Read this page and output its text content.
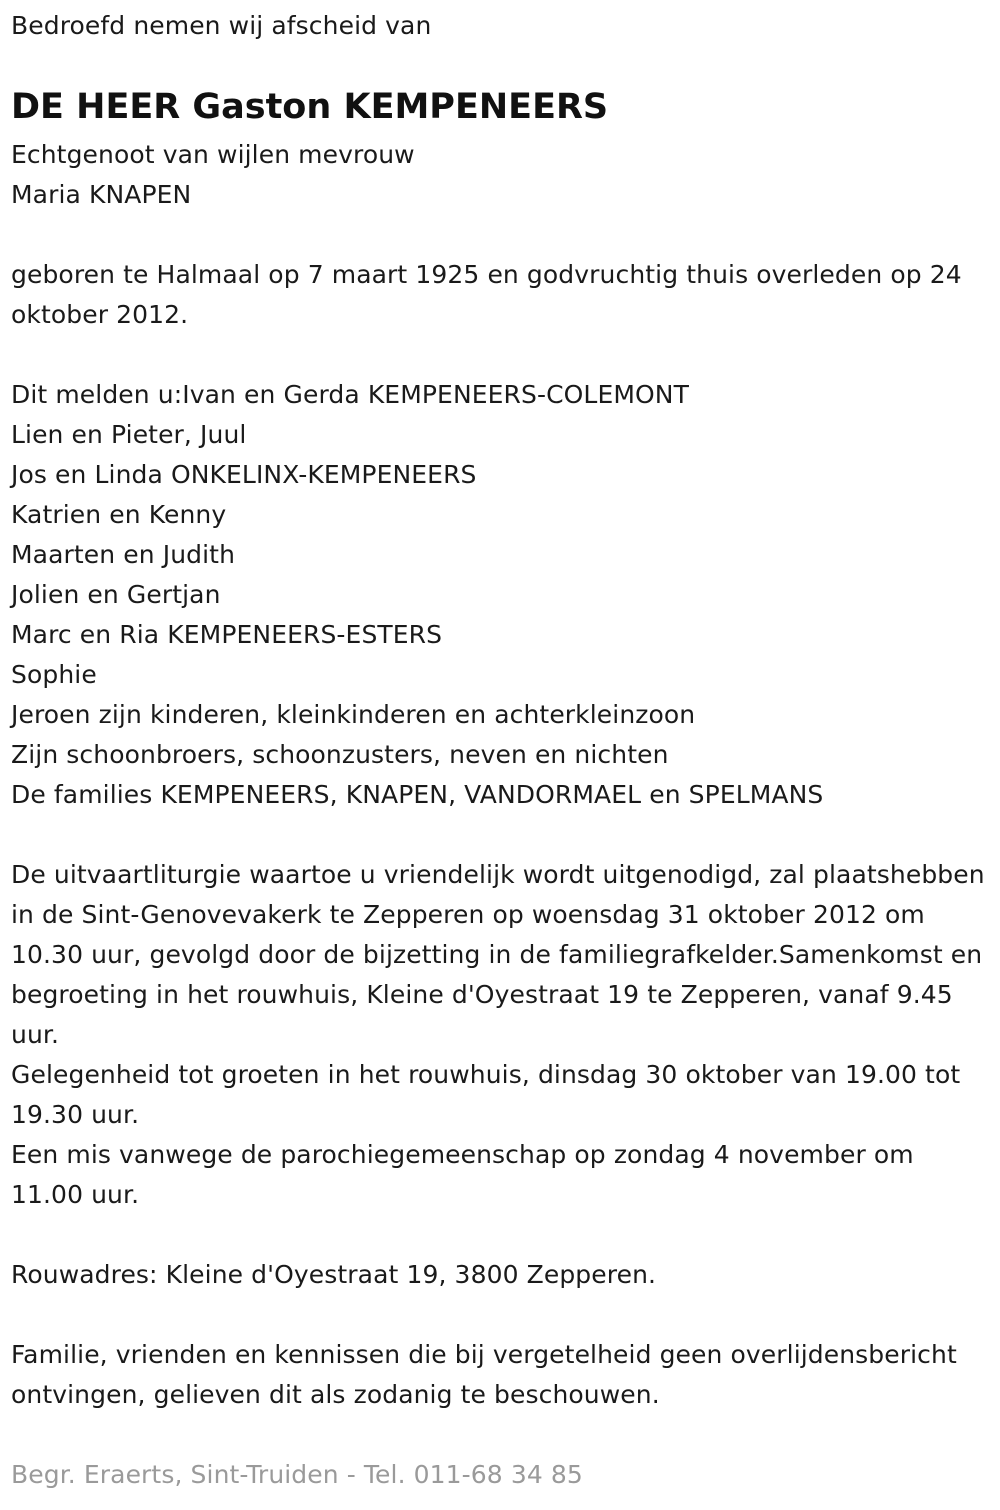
Bedroefd nemen wij afscheid van
DE HEER Gaston KEMPENEERS
Echtgenoot van wijlen mevrouw
Maria KNAPEN
geboren te Halmaal op 7 maart 1925 en godvruchtig thuis overleden op 24 oktober 2012.
Dit melden u:Ivan en Gerda KEMPENEERS-COLEMONT
Lien en Pieter, Juul
Jos en Linda ONKELINX-KEMPENEERS
Katrien en Kenny
Maarten en Judith
Jolien en Gertjan
Marc en Ria KEMPENEERS-ESTERS
Sophie
Jeroen zijn kinderen, kleinkinderen en achterkleinzoon
Zijn schoonbroers, schoonzusters, neven en nichten
De families KEMPENEERS, KNAPEN, VANDORMAEL en SPELMANS
De uitvaartliturgie waartoe u vriendelijk wordt uitgenodigd, zal plaatshebben in de Sint-Genovevakerk te Zepperen op woensdag 31 oktober 2012 om 10.30 uur, gevolgd door de bijzetting in de familiegrafkelder.Samenkomst en begroeting in het rouwhuis, Kleine d'Oyestraat 19 te Zepperen, vanaf 9.45 uur.
Gelegenheid tot groeten in het rouwhuis, dinsdag 30 oktober van 19.00 tot 19.30 uur.
Een mis vanwege de parochiegemeenschap op zondag 4 november om 11.00 uur.
Rouwadres: Kleine d'Oyestraat 19, 3800 Zepperen.
Familie, vrienden en kennissen die bij vergetelheid geen overlijdensbericht ontvingen, gelieven dit als zodanig te beschouwen.
Begr. Eraerts, Sint-Truiden - Tel. 011-68 34 85
